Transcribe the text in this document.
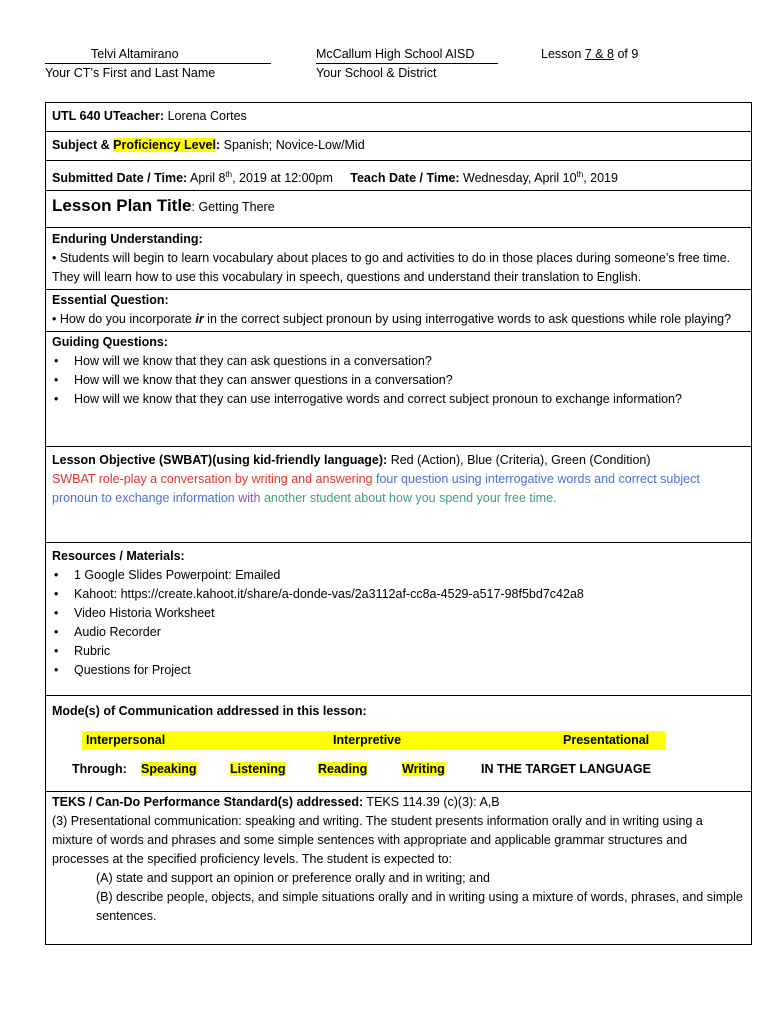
Telvi Altamirano
Your CT’s First and Last Name
McCallum High School AISD
Your School & District
Lesson 7 & 8 of 9
UTL 640 UTeacher: Lorena Cortes
Subject & Proficiency Level: Spanish; Novice-Low/Mid
Submitted Date / Time: April 8th, 2019 at 12:00pm Teach Date / Time: Wednesday, April 10th, 2019
Lesson Plan Title: Getting There

Enduring Understanding:
• Students will begin to learn vocabulary about places to go and activities to do in those places during someone’s free time. They will learn how to use this vocabulary in speech, questions and understand their translation to English.

Essential Question:
• How do you incorporate ir in the correct subject pronoun by using interrogative words to ask questions while role playing?

Guiding Questions:
• How will we know that they can ask questions in a conversation?
• How will we know that they can answer questions in a conversation?
• How will we know that they can use interrogative words and correct subject pronoun to exchange information?

Lesson Objective (SWBAT)(using kid-friendly language): Red (Action), Blue (Criteria), Green (Condition)
SWBAT role-play a conversation by writing and answering four question using interrogative words and correct subject pronoun to exchange information with another student about how you spend your free time.

Resources / Materials:
• 1 Google Slides Powerpoint: Emailed
• Kahoot: https://create.kahoot.it/share/a-donde-vas/2a3112af-cc8a-4529-a517-98f5bd7c42a8
• Video Historia Worksheet
• Audio Recorder
• Rubric
• Questions for Project

Mode(s) of Communication addressed in this lesson:
Interpersonal	Interpretive	Presentational
Through:	Speaking	Listening	Reading	Writing	IN THE TARGET LANGUAGE

TEKS / Can-Do Performance Standard(s) addressed: TEKS 114.39 (c)(3): A,B
(3) Presentational communication: speaking and writing. The student presents information orally and in writing using a mixture of words and phrases and some simple sentences with appropriate and applicable grammar structures and processes at the specified proficiency levels. The student is expected to:
(A) state and support an opinion or preference orally and in writing; and
(B) describe people, objects, and simple situations orally and in writing using a mixture of words, phrases, and simple sentences.
